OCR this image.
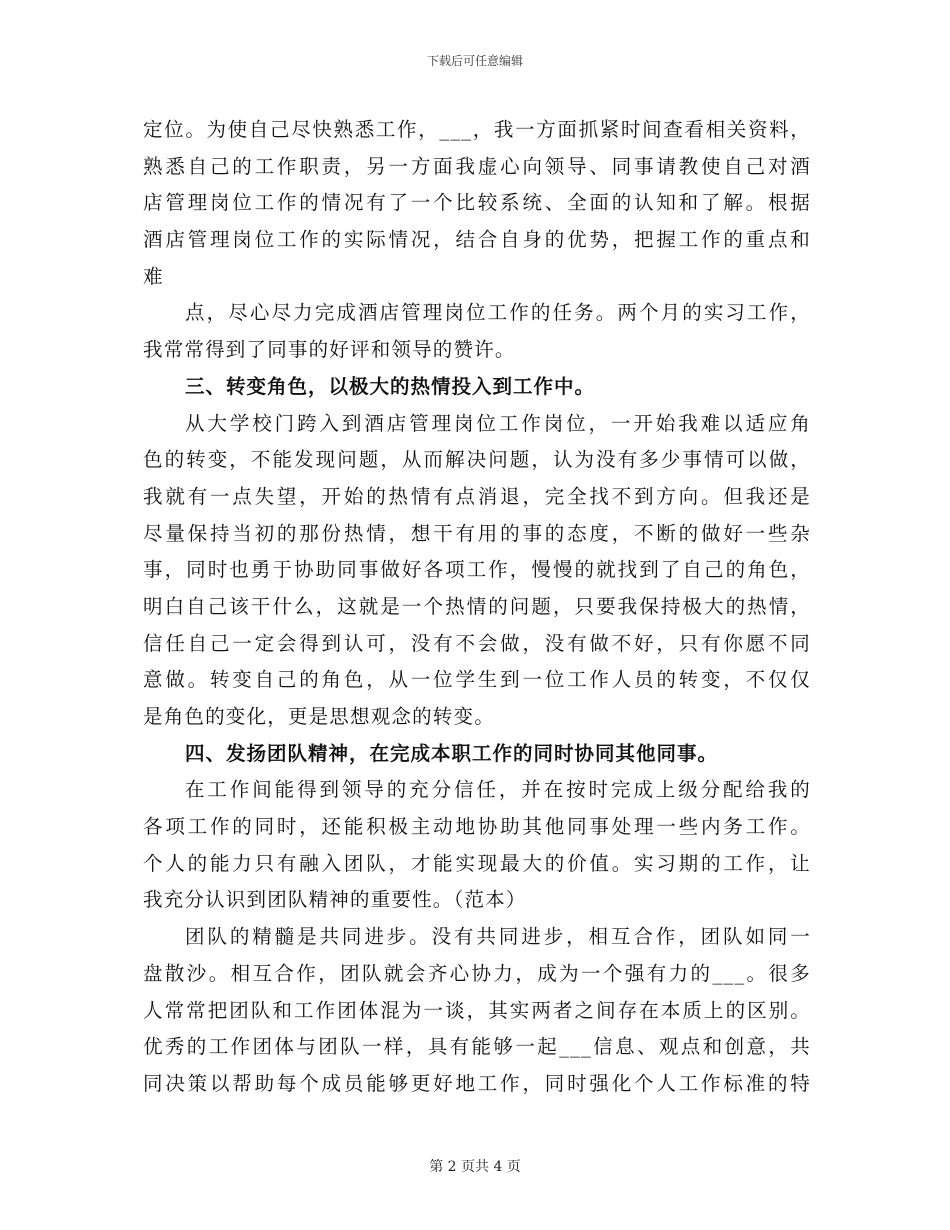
下载后可任意编辑
定位。为使自己尽快熟悉工作，___，我一方面抓紧时间查看相关资料，
熟悉自己的工作职责，另一方面我虚心向领导、同事请教使自己对酒
店管理岗位工作的情况有了一个比较系统、全面的认知和了解。根据
酒店管理岗位工作的实际情况，结合自身的优势，把握工作的重点和
难
点，尽心尽力完成酒店管理岗位工作的任务。两个月的实习工作，
我常常得到了同事的好评和领导的赞许。
三、转变角色，以极大的热情投入到工作中。
从大学校门跨入到酒店管理岗位工作岗位，一开始我难以适应角
色的转变，不能发现问题，从而解决问题，认为没有多少事情可以做，
我就有一点失望，开始的热情有点消退，完全找不到方向。但我还是
尽量保持当初的那份热情，想干有用的事的态度，不断的做好一些杂
事，同时也勇于协助同事做好各项工作，慢慢的就找到了自己的角色，
明白自己该干什么，这就是一个热情的问题，只要我保持极大的热情，
信任自己一定会得到认可，没有不会做，没有做不好，只有你愿不同
意做。转变自己的角色，从一位学生到一位工作人员的转变，不仅仅
是角色的变化，更是思想观念的转变。
四、发扬团队精神，在完成本职工作的同时协同其他同事。
在工作间能得到领导的充分信任，并在按时完成上级分配给我的
各项工作的同时，还能积极主动地协助其他同事处理一些内务工作。
个人的能力只有融入团队，才能实现最大的价值。实习期的工作，让
我充分认识到团队精神的重要性。（范本）
团队的精髓是共同进步。没有共同进步，相互合作，团队如同一
盘散沙。相互合作，团队就会齐心协力，成为一个强有力的___。很多
人常常把团队和工作团体混为一谈，其实两者之间存在本质上的区别。
优秀的工作团体与团队一样，具有能够一起___信息、观点和创意，共
同决策以帮助每个成员能够更好地工作，同时强化个人工作标准的特
第 2 页共 4 页
